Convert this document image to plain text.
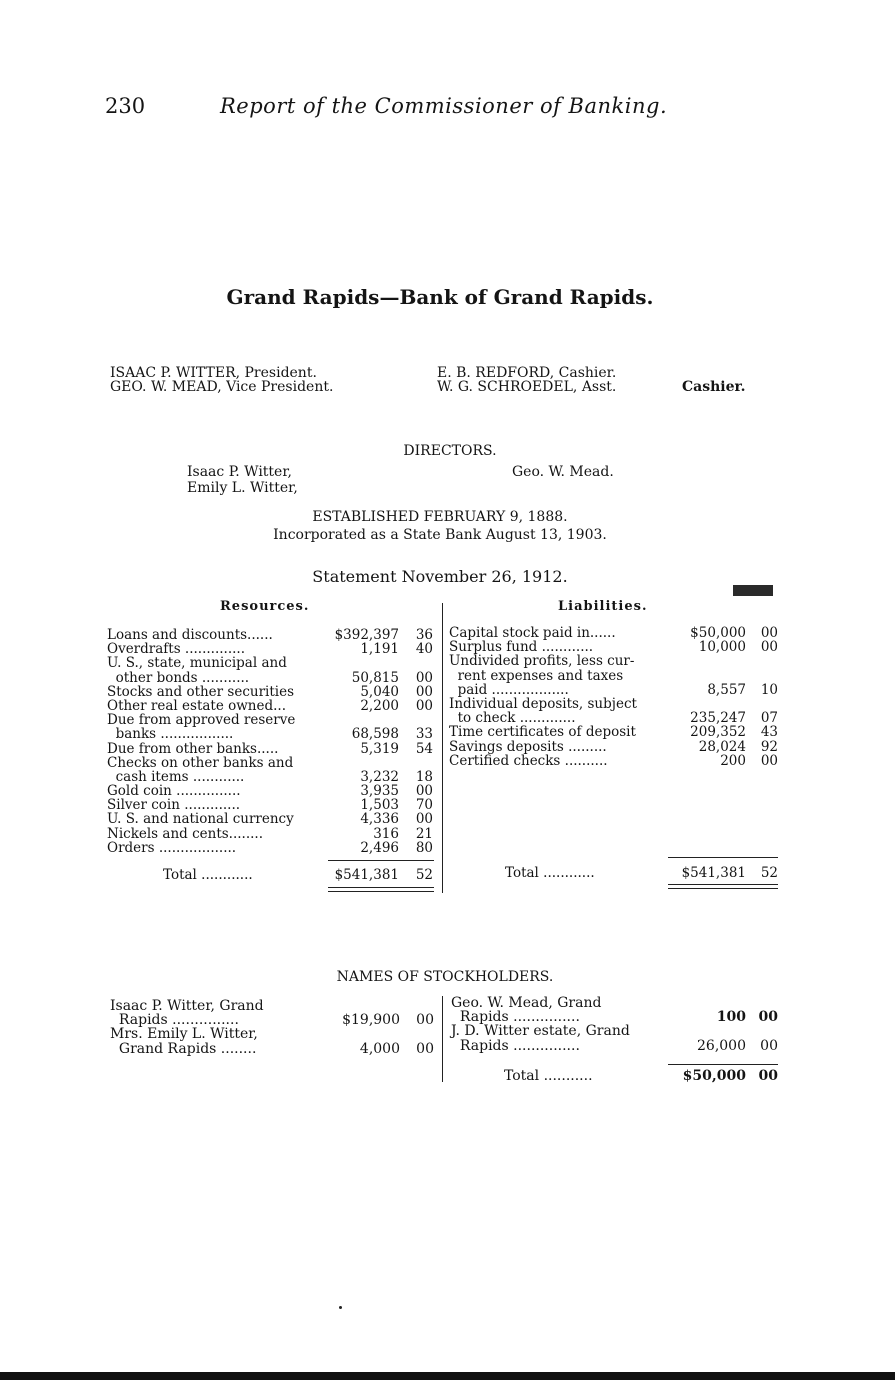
230	Report of the Commissioner of Banking.
Grand Rapids—Bank of Grand Rapids.
ISAAC P. WITTER, President.
GEO. W. MEAD, Vice President.
E. B. REDFORD, Cashier.
W. G. SCHROEDEL, Asst.	Cashier.
DIRECTORS.
Isaac P. Witter,
Emily L. Witter,
Geo. W. Mead.
ESTABLISHED FEBRUARY 9, 1888.
Incorporated as a State Bank August 13, 1903.
Statement November 26, 1912.
Resources.	Liabilities.
Loans and discounts......	$392,397 36
Overdrafts ..............	1,191 40
U. S., state, municipal and
other bonds ...........	50,815 00
Stocks and other securities	5,040 00
Other real estate owned...	2,200 00
Due from approved reserve
banks .................	68,598 33
Due from other banks.....	5,319 54
Checks on other banks and
cash items ............	3,232 18
Gold coin ...............	3,935 00
Silver coin .............	1,503 70
U. S. and national currency	4,336 00
Nickels and cents........	316 21
Orders ..................	2,496 80
Total ............	$541,381 52
Capital stock paid in......	$50,000 00
Surplus fund ............	10,000 00
Undivided profits, less cur-
rent expenses and taxes
paid ..................	8,557 10
Individual deposits, subject
to check .............	235,247 07
Time certificates of deposit	209,352 43
Savings deposits .........	28,024 92
Certified checks ..........	200 00
Total ............	$541,381 52
NAMES OF STOCKHOLDERS.
Isaac P. Witter, Grand
Rapids ...............	$19,900 00
Mrs. Emily L. Witter,
Grand Rapids ........	4,000 00
Geo. W. Mead, Grand
Rapids ...............	100 00
J. D. Witter estate, Grand
Rapids ...............	26,000 00
Total ...........	$50,000 00
